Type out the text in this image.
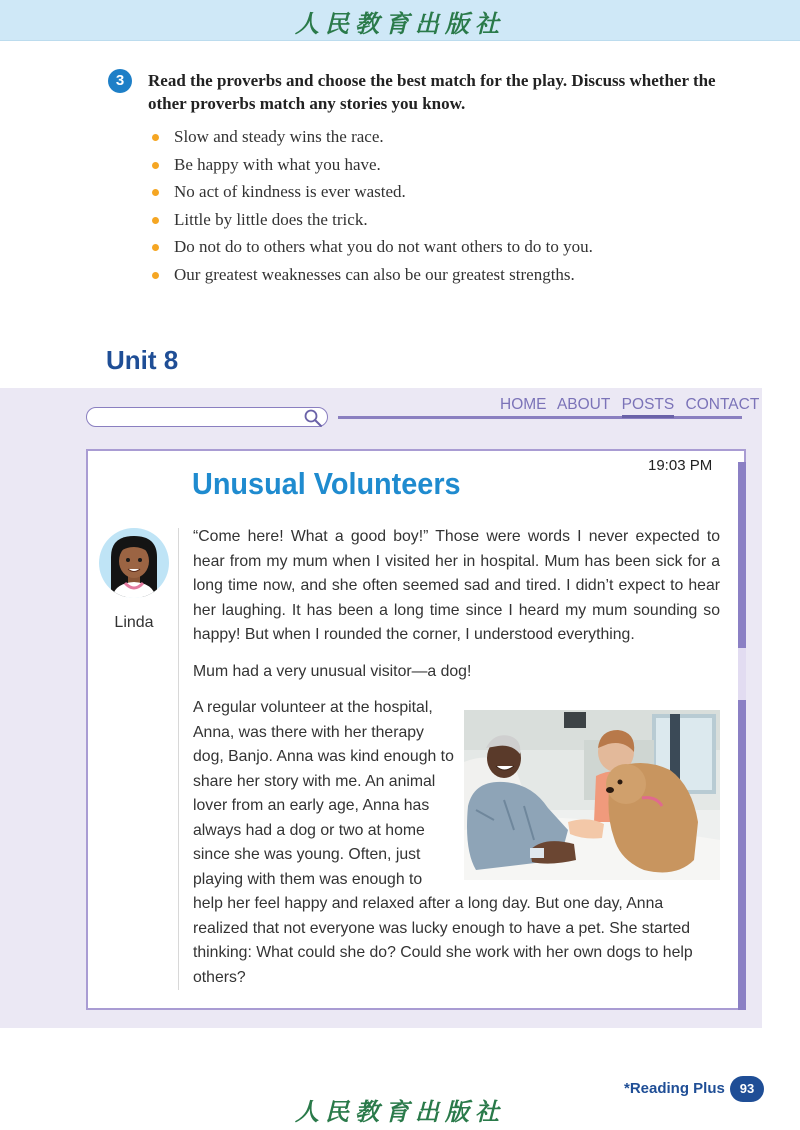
人民教育出版社
3	Read the proverbs and choose the best match for the play. Discuss whether the other proverbs match any stories you know.
Slow and steady wins the race.
Be happy with what you have.
No act of kindness is ever wasted.
Little by little does the trick.
Do not do to others what you do not want others to do to you.
Our greatest weaknesses can also be our greatest strengths.
Unit 8
HOME ABOUT POSTS CONTACT
Unusual Volunteers
19:03 PM
Linda

“Come here! What a good boy!” Those were words I never expected to hear from my mum when I visited her in hospital. Mum has been sick for a long time now, and she often seemed sad and tired. I didn’t expect to hear her laughing. It has been a long time since I heard my mum sounding so happy! But when I rounded the corner, I understood everything.

Mum had a very unusual visitor—a dog!

A regular volunteer at the hospital, Anna, was there with her therapy dog, Banjo. Anna was kind enough to share her story with me. An animal lover from an early age, Anna has always had a dog or two at home since she was young. Often, just playing with them was enough to help her feel happy and relaxed after a long day. But one day, Anna realized that not everyone was lucky enough to have a pet. She started thinking: What could she do? Could she work with her own dogs to help others?

人民教育出版社
*Reading Plus	93
